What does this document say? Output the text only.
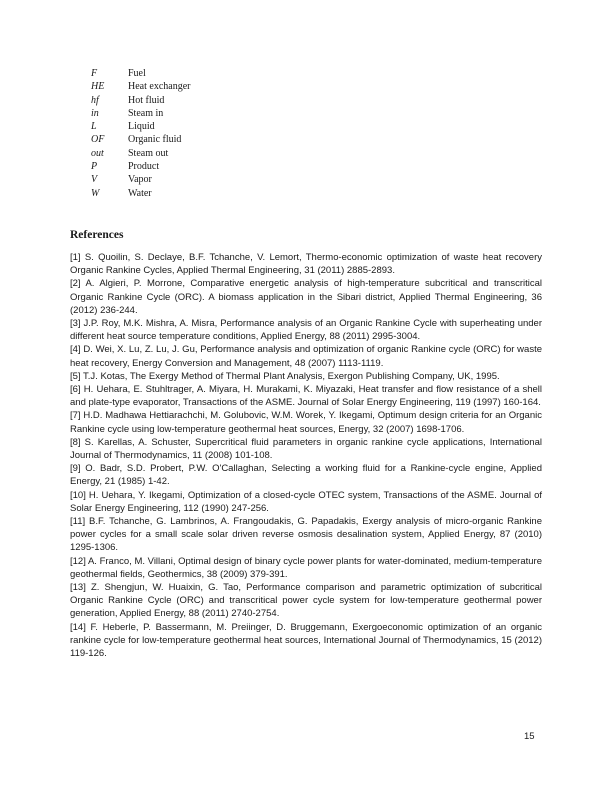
F	Fuel
HE	Heat exchanger
hf	Hot fluid
in	Steam in
L	Liquid
OF	Organic fluid
out	Steam out
P	Product
V	Vapor
W	Water
References

[1] S. Quoilin, S. Declaye, B.F. Tchanche, V. Lemort, Thermo-economic optimization of waste heat recovery Organic Rankine Cycles, Applied Thermal Engineering, 31 (2011) 2885-2893.

[2] A. Algieri, P. Morrone, Comparative energetic analysis of high-temperature subcritical and transcritical Organic Rankine Cycle (ORC). A biomass application in the Sibari district, Applied Thermal Engineering, 36 (2012) 236-244.

[3] J.P. Roy, M.K. Mishra, A. Misra, Performance analysis of an Organic Rankine Cycle with superheating under different heat source temperature conditions, Applied Energy, 88 (2011) 2995-3004.

[4] D. Wei, X. Lu, Z. Lu, J. Gu, Performance analysis and optimization of organic Rankine cycle (ORC) for waste heat recovery, Energy Conversion and Management, 48 (2007) 1113-1119.

[5] T.J. Kotas, The Exergy Method of Thermal Plant Analysis, Exergon Publishing Company, UK, 1995.

[6] H. Uehara, E. Stuhltrager, A. Miyara, H. Murakami, K. Miyazaki, Heat transfer and flow resistance of a shell and plate-type evaporator, Transactions of the ASME. Journal of Solar Energy Engineering, 119 (1997) 160-164.

[7] H.D. Madhawa Hettiarachchi, M. Golubovic, W.M. Worek, Y. Ikegami, Optimum design criteria for an Organic Rankine cycle using low-temperature geothermal heat sources, Energy, 32 (2007) 1698-1706.

[8] S. Karellas, A. Schuster, Supercritical fluid parameters in organic rankine cycle applications, International Journal of Thermodynamics, 11 (2008) 101-108.

[9] O. Badr, S.D. Probert, P.W. O'Callaghan, Selecting a working fluid for a Rankine-cycle engine, Applied Energy, 21 (1985) 1-42.

[10] H. Uehara, Y. Ikegami, Optimization of a closed-cycle OTEC system, Transactions of the ASME. Journal of Solar Energy Engineering, 112 (1990) 247-256.

[11] B.F. Tchanche, G. Lambrinos, A. Frangoudakis, G. Papadakis, Exergy analysis of micro-organic Rankine power cycles for a small scale solar driven reverse osmosis desalination system, Applied Energy, 87 (2010) 1295-1306.

[12] A. Franco, M. Villani, Optimal design of binary cycle power plants for water-dominated, medium-temperature geothermal fields, Geothermics, 38 (2009) 379-391.

[13] Z. Shengjun, W. Huaixin, G. Tao, Performance comparison and parametric optimization of subcritical Organic Rankine Cycle (ORC) and transcritical power cycle system for low-temperature geothermal power generation, Applied Energy, 88 (2011) 2740-2754.

[14] F. Heberle, P. Bassermann, M. Preiinger, D. Bruggemann, Exergoeconomic optimization of an organic rankine cycle for low-temperature geothermal heat sources, International Journal of Thermodynamics, 15 (2012) 119-126.

15
